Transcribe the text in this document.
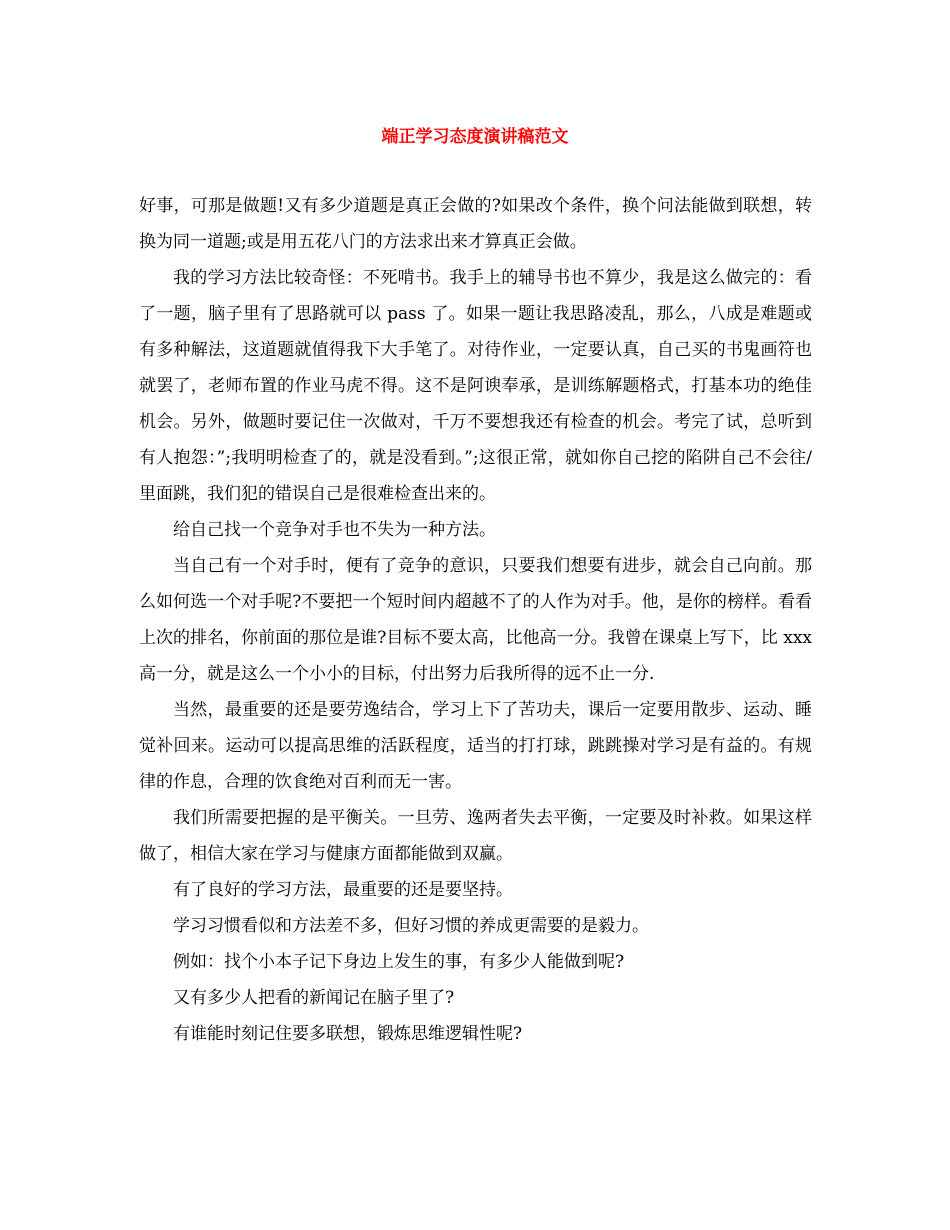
端正学习态度演讲稿范文

好事，可那是做题!又有多少道题是真正会做的?如果改个条件，换个问法能做到联想，转换为同一道题;或是用五花八门的方法求出来才算真正会做。

我的学习方法比较奇怪：不死啃书。我手上的辅导书也不算少，我是这么做完的：看了一题，脑子里有了思路就可以 pass 了。如果一题让我思路凌乱，那么，八成是难题或有多种解法，这道题就值得我下大手笔了。对待作业，一定要认真，自己买的书鬼画符也就罢了，老师布置的作业马虎不得。这不是阿谀奉承，是训练解题格式，打基本功的绝佳机会。另外，做题时要记住一次做对，千万不要想我还有检查的机会。考完了试，总听到有人抱怨：”;我明明检查了的，就是没看到。”;这很正常，就如你自己挖的陷阱自己不会往/里面跳，我们犯的错误自己是很难检查出来的。

给自己找一个竞争对手也不失为一种方法。

当自己有一个对手时，便有了竞争的意识，只要我们想要有进步，就会自己向前。那么如何选一个对手呢?不要把一个短时间内超越不了的人作为对手。他，是你的榜样。看看上次的排名，你前面的那位是谁?目标不要太高，比他高一分。我曾在课桌上写下，比 xxx 高一分，就是这么一个小小的目标，付出努力后我所得的远不止一分.

当然，最重要的还是要劳逸结合，学习上下了苦功夫，课后一定要用散步、运动、睡觉补回来。运动可以提高思维的活跃程度，适当的打打球，跳跳操对学习是有益的。有规律的作息，合理的饮食绝对百利而无一害。

我们所需要把握的是平衡关。一旦劳、逸两者失去平衡，一定要及时补救。如果这样做了，相信大家在学习与健康方面都能做到双赢。

有了良好的学习方法，最重要的还是要坚持。

学习习惯看似和方法差不多，但好习惯的养成更需要的是毅力。

例如：找个小本子记下身边上发生的事，有多少人能做到呢?

又有多少人把看的新闻记在脑子里了?

有谁能时刻记住要多联想，锻炼思维逻辑性呢?
